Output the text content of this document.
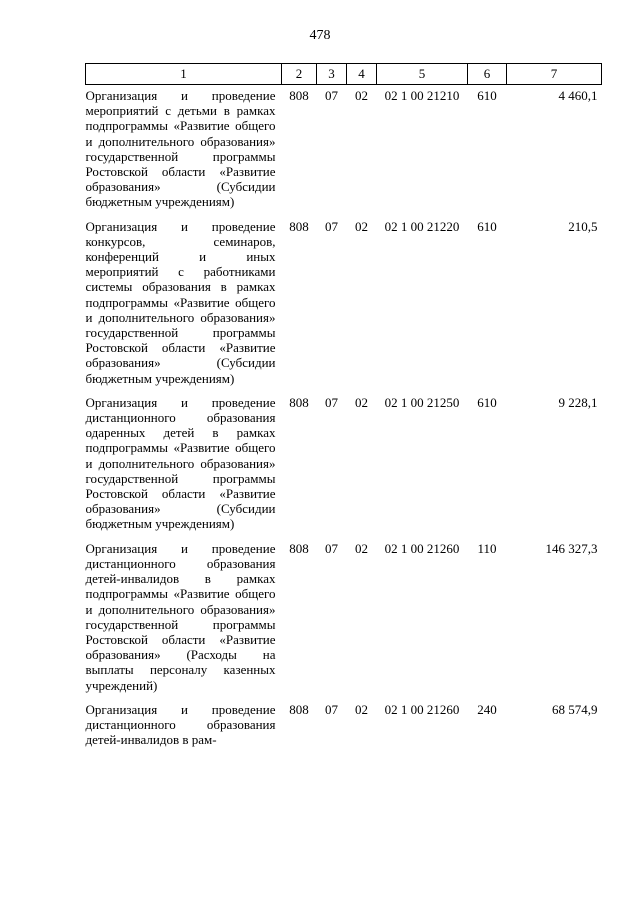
478
1	2	3	4	5	6	7
Организация и проведение мероприятий с детьми в рамках подпрограммы «Развитие общего и дополнительного образования» государственной программы Ростовской области «Развитие образования» (Субсидии бюджетным учреждениям)	808	07	02	02 1 00 21210	610	4 460,1
Организация и проведение конкурсов, семинаров, конференций и иных мероприятий с работниками системы образования в рамках подпрограммы «Развитие общего и дополнительного образования» государственной программы Ростовской области «Развитие образования» (Субсидии бюджетным учреждениям)	808	07	02	02 1 00 21220	610	210,5
Организация и проведение дистанционного образования одаренных детей в рамках подпрограммы «Развитие общего и дополнительного образования» государственной программы Ростовской области «Развитие образования» (Субсидии бюджетным учреждениям)	808	07	02	02 1 00 21250	610	9 228,1
Организация и проведение дистанционного образования детей-инвалидов в рамках подпрограммы «Развитие общего и дополнительного образования» государственной программы Ростовской области «Развитие образования» (Расходы на выплаты персоналу казенных учреждений)	808	07	02	02 1 00 21260	110	146 327,3
Организация и проведение дистанционного образования детей-инвалидов в рам-	808	07	02	02 1 00 21260	240	68 574,9
